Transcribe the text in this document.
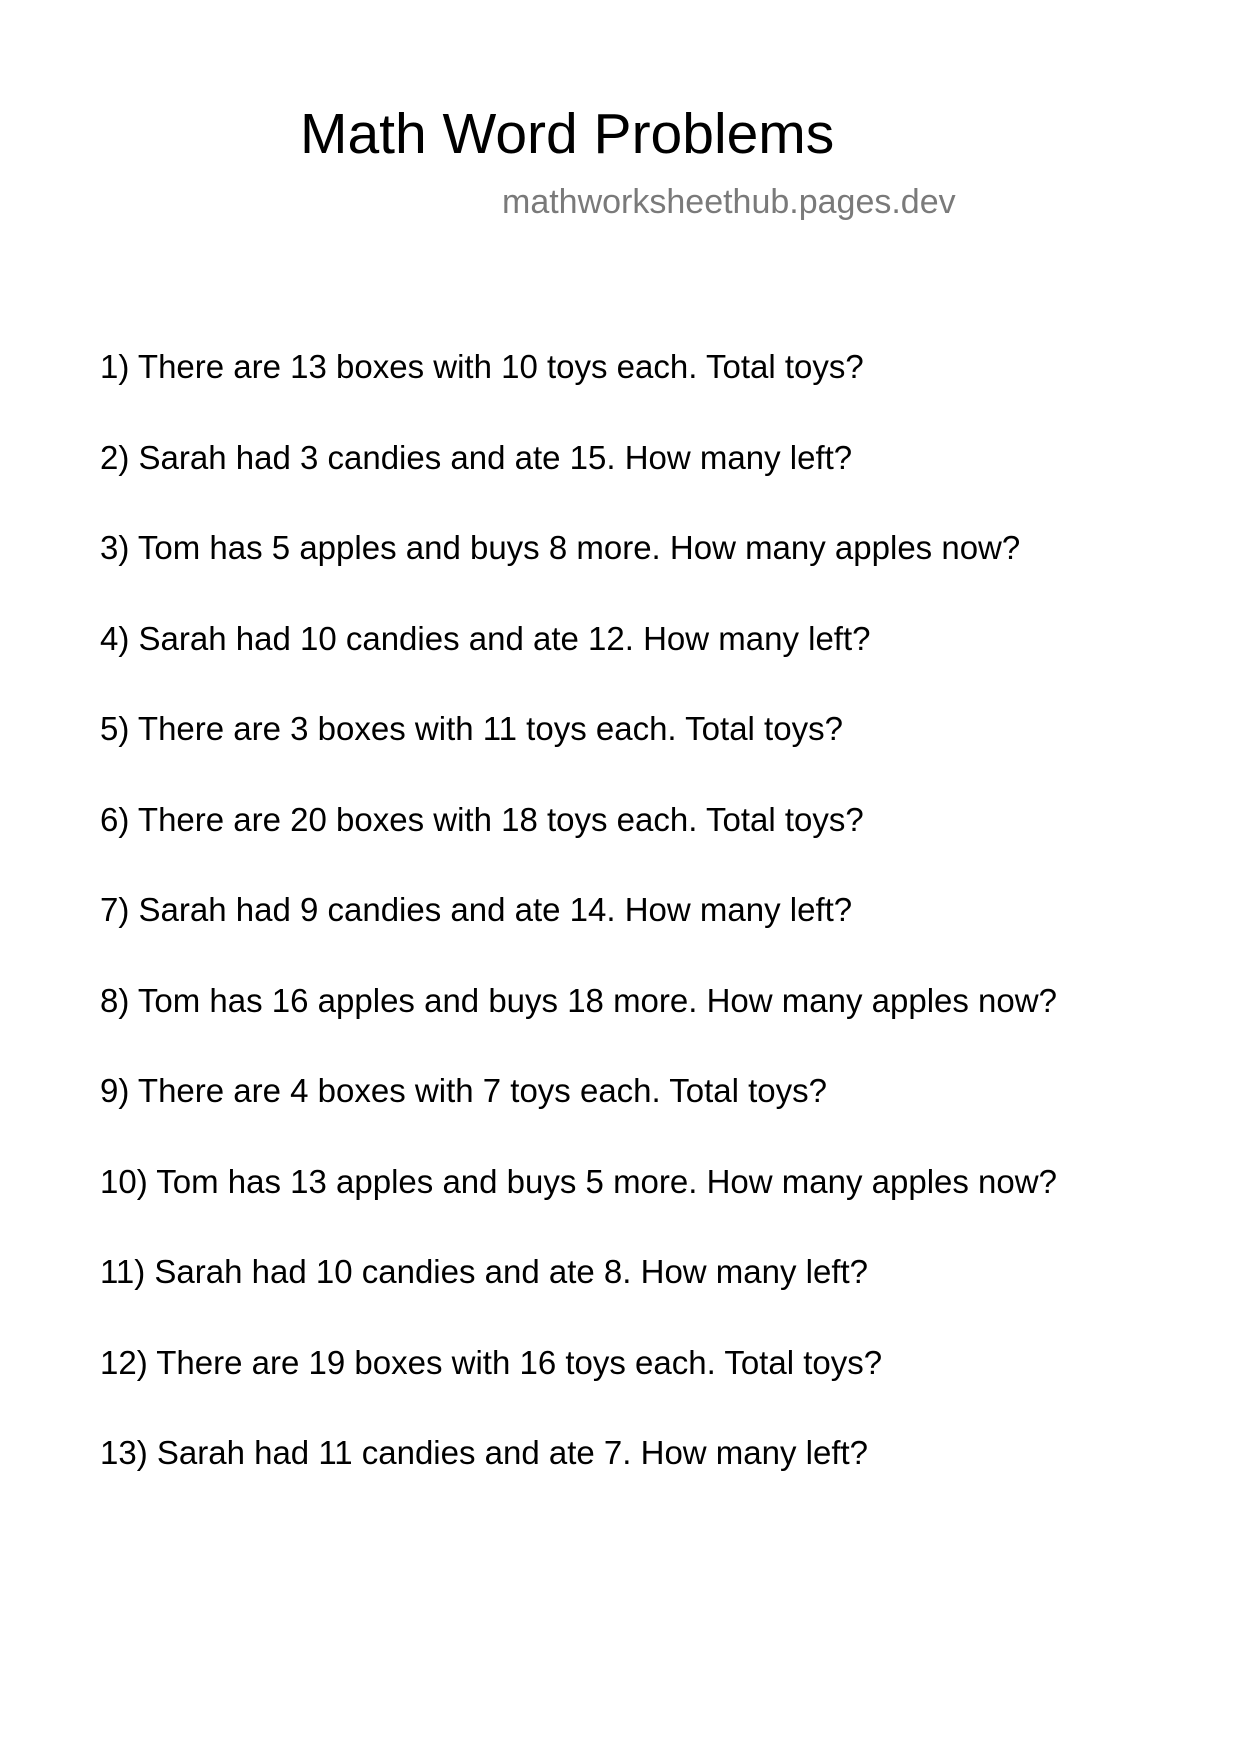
Math Word Problems
mathworksheethub.pages.dev
1) There are 13 boxes with 10 toys each. Total toys?
2) Sarah had 3 candies and ate 15. How many left?
3) Tom has 5 apples and buys 8 more. How many apples now?
4) Sarah had 10 candies and ate 12. How many left?
5) There are 3 boxes with 11 toys each. Total toys?
6) There are 20 boxes with 18 toys each. Total toys?
7) Sarah had 9 candies and ate 14. How many left?
8) Tom has 16 apples and buys 18 more. How many apples now?
9) There are 4 boxes with 7 toys each. Total toys?
10) Tom has 13 apples and buys 5 more. How many apples now?
11) Sarah had 10 candies and ate 8. How many left?
12) There are 19 boxes with 16 toys each. Total toys?
13) Sarah had 11 candies and ate 7. How many left?
